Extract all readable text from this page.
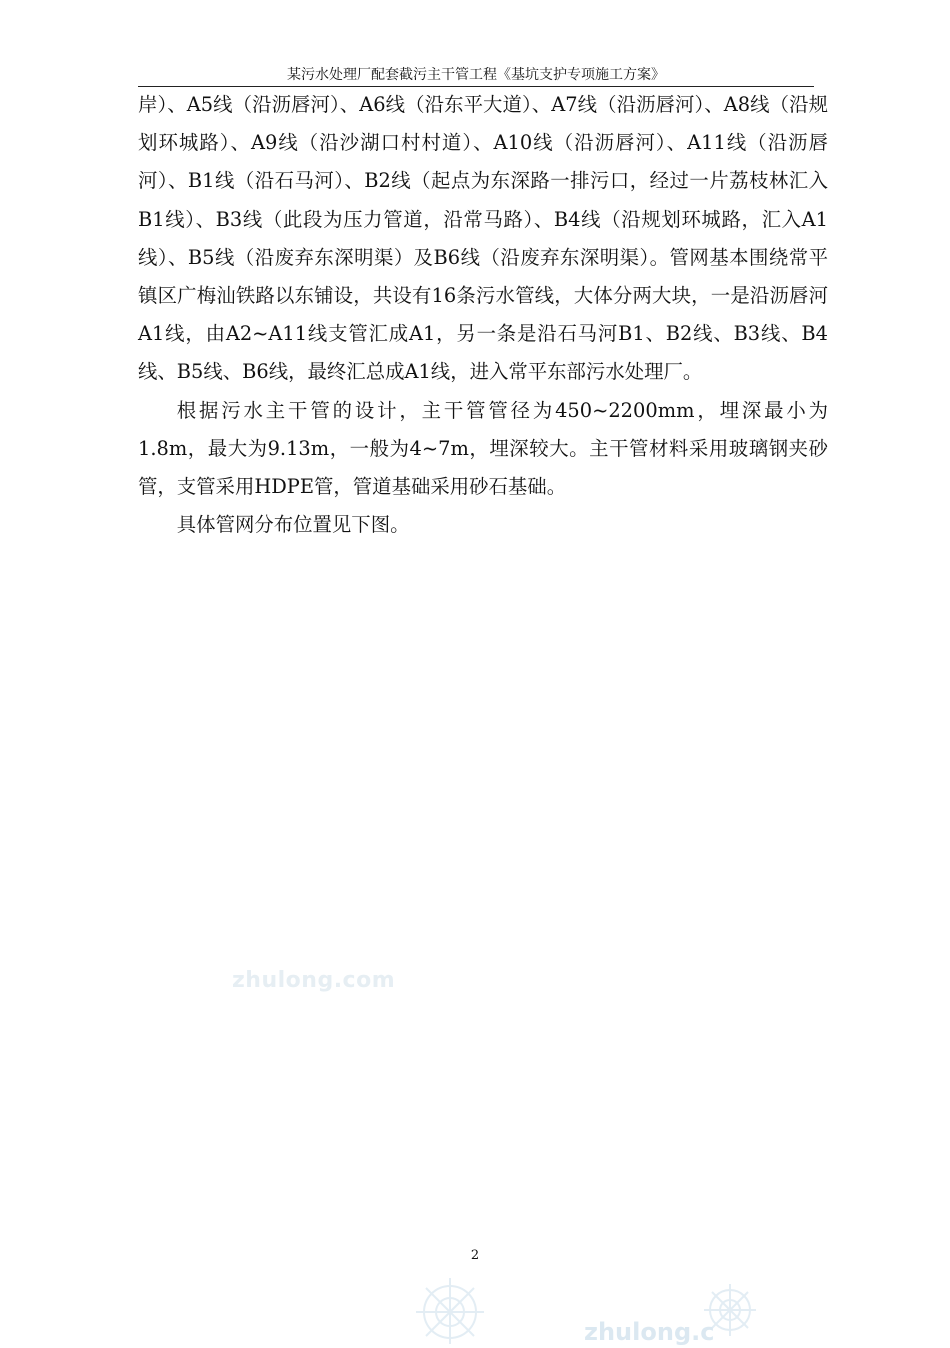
某污水处理厂配套截污主干管工程《基坑支护专项施工方案》

岸）、A5线（沿沥唇河）、A6线（沿东平大道）、A7线（沿沥唇河）、A8线（沿规划环城路）、A9线（沿沙湖口村村道）、A10线（沿沥唇河）、A11线（沿沥唇河）、B1线（沿石马河）、B2线（起点为东深路一排污口，经过一片荔枝林汇入B1线）、B3线（此段为压力管道，沿常马路）、B4线（沿规划环城路，汇入A1线）、B5线（沿废弃东深明渠）及B6线（沿废弃东深明渠）。管网基本围绕常平镇区广梅汕铁路以东铺设，共设有16条污水管线，大体分两大块，一是沿沥唇河A1线，由A2~A11线支管汇成A1，另一条是沿石马河B1、B2线、B3线、B4线、B5线、B6线，最终汇总成A1线，进入常平东部污水处理厂。

根据污水主干管的设计，主干管管径为450~2200mm，埋深最小为1.8m，最大为9.13m，一般为4~7m，埋深较大。主干管材料采用玻璃钢夹砂管，支管采用HDPE管，管道基础采用砂石基础。

具体管网分布位置见下图。

zhulong.com
2
zhulong.c
